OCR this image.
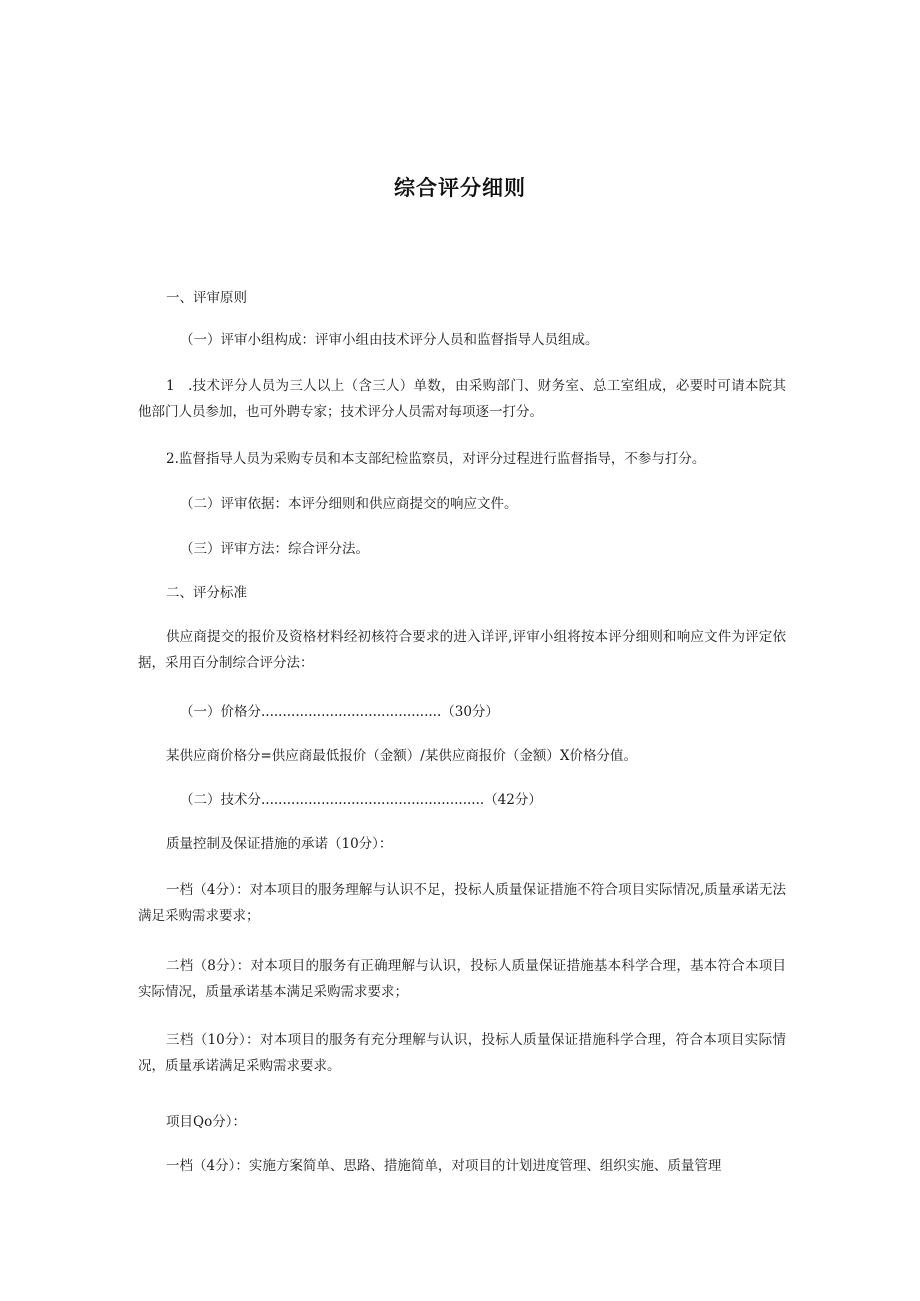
综合评分细则

一、评审原则

（一）评审小组构成：评审小组由技术评分人员和监督指导人员组成。

1 .技术评分人员为三人以上（含三人）单数，由采购部门、财务室、总工室组成，必要时可请本院其他部门人员参加，也可外聘专家；技术评分人员需对每项逐一打分。

2.监督指导人员为采购专员和本支部纪检监察员，对评分过程进行监督指导，不参与打分。

（二）评审依据：本评分细则和供应商提交的响应文件。

（三）评审方法：综合评分法。

二、评分标准

供应商提交的报价及资格材料经初核符合要求的进入详评,评审小组将按本评分细则和响应文件为评定依据，采用百分制综合评分法：

（一）价格分..........................................（30分）

某供应商价格分=供应商最低报价（金额）/某供应商报价（金额）X价格分值。

（二）技术分....................................................（42分）

质量控制及保证措施的承诺（10分）：

一档（4分）：对本项目的服务理解与认识不足，投标人质量保证措施不符合项目实际情况,质量承诺无法满足采购需求要求；

二档（8分）：对本项目的服务有正确理解与认识，投标人质量保证措施基本科学合理，基本符合本项目实际情况，质量承诺基本满足采购需求要求；

三档（10分）：对本项目的服务有充分理解与认识，投标人质量保证措施科学合理，符合本项目实际情况，质量承诺满足采购需求要求。

项目Qo分）：

一档（4分）：实施方案简单、思路、措施简单，对项目的计划进度管理、组织实施、质量管理
